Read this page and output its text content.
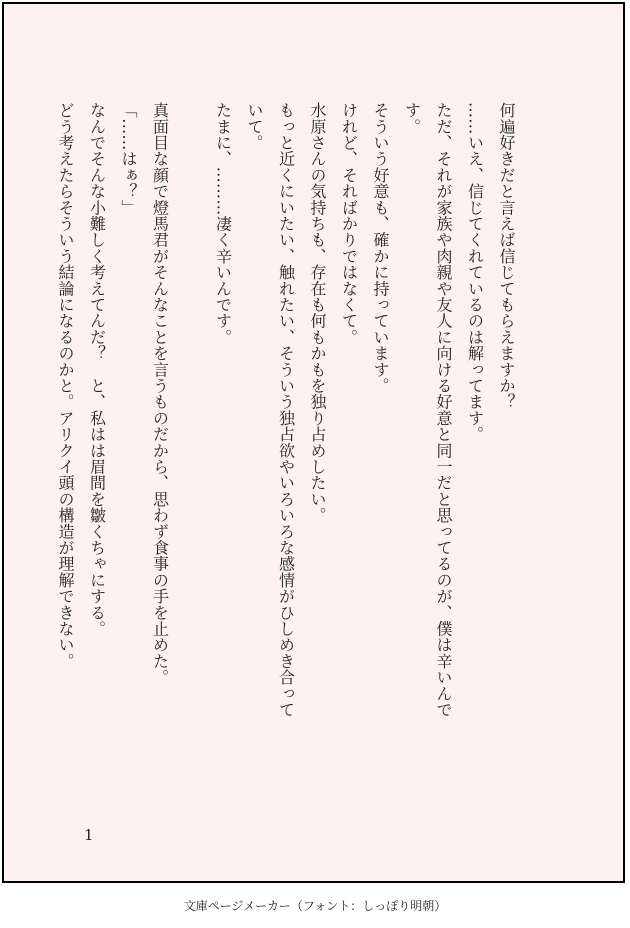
何遍好きだと言えば信じてもらえますか？
……いえ、信じてくれているのは解ってます。
ただ、それが家族や肉親や友人に向ける好意と同一だと思ってるのが、僕は辛いんで
す。
そういう好意も、確かに持っています。
けれど、そればかりではなくて。
水原さんの気持ちも、存在も何もかもを独り占めしたい。
もっと近くにいたい、触れたい、そういう独占欲やいろいろな感情がひしめき合って
いて。
たまに、………凄く辛いんです。

真面目な顔で燈馬君がそんなことを言うものだから、思わず食事の手を止めた。
「……はぁ？」
なんでそんな小難しく考えてんだ？　と、私はは眉間を皺くちゃにする。
どう考えたらそういう結論になるのかと。アリクイ頭の構造が理解できない。
1
文庫ページメーカー（フォント：しっぽり明朝）
